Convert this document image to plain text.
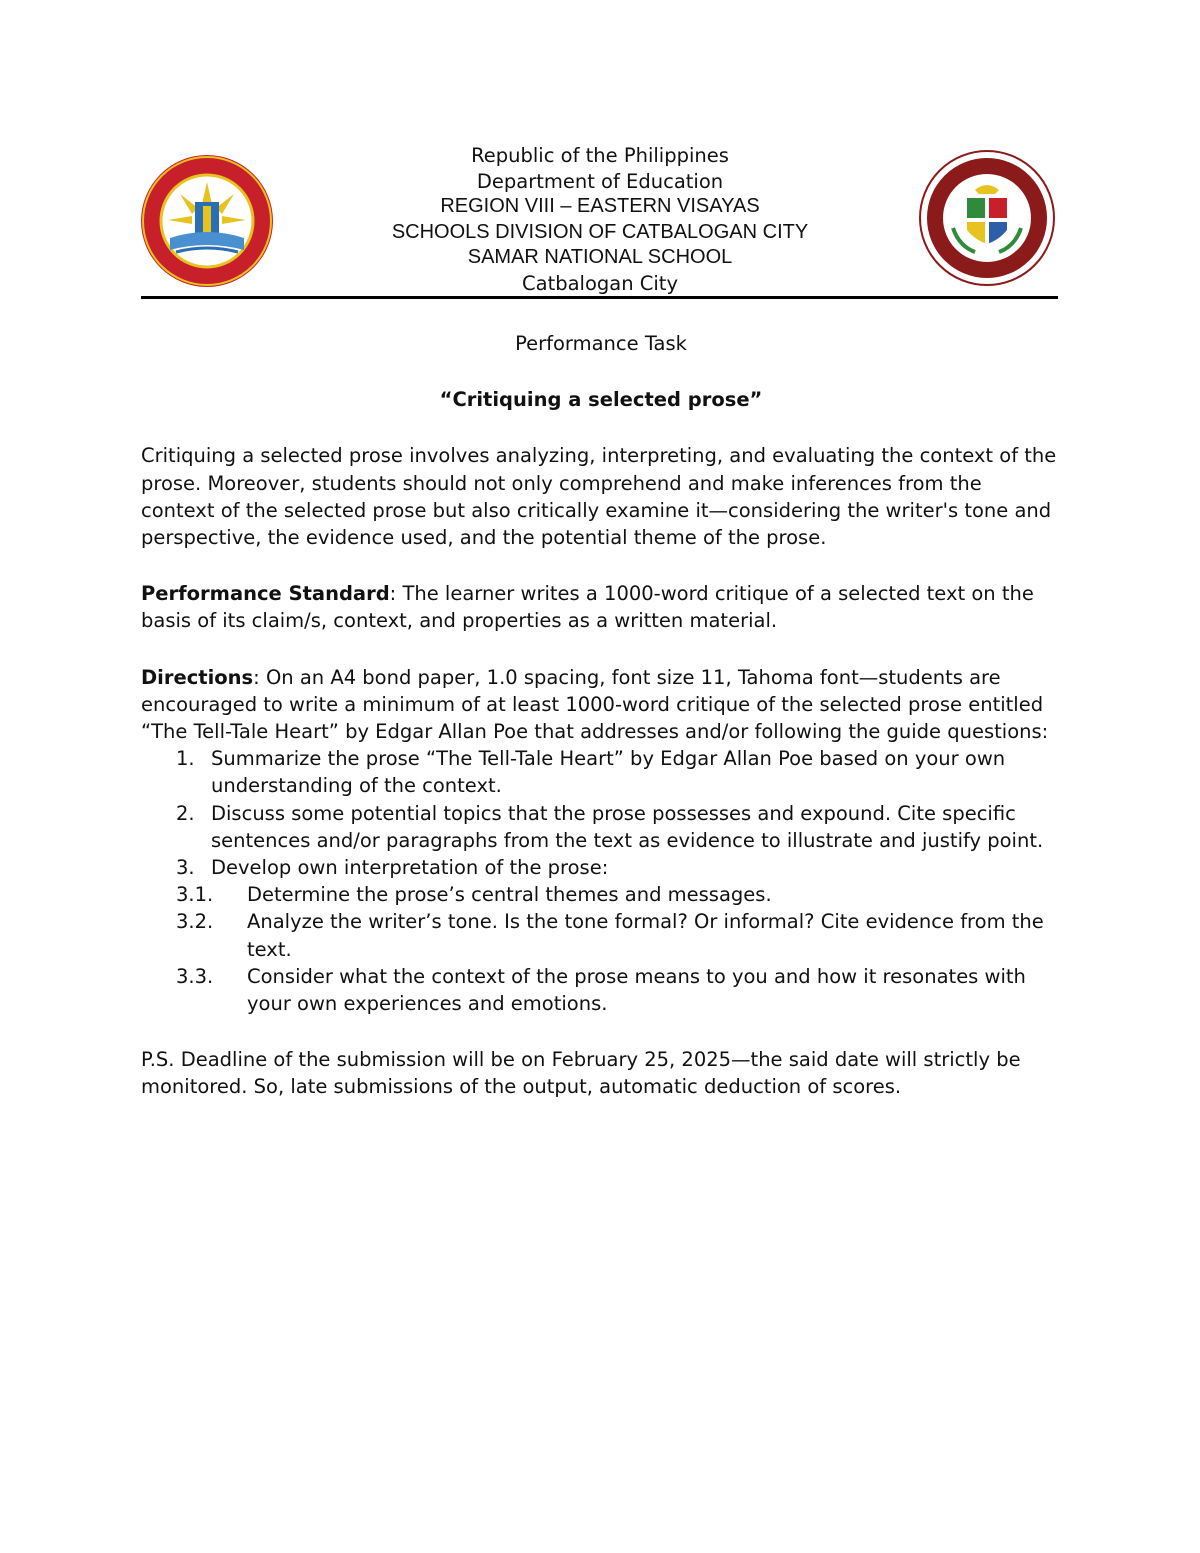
Republic of the Philippines
Department of Education
REGION VIII – EASTERN VISAYAS
SCHOOLS DIVISION OF CATBALOGAN CITY
SAMAR NATIONAL SCHOOL
Catbalogan City

Performance Task

“Critiquing a selected prose”

Critiquing a selected prose involves analyzing, interpreting, and evaluating the context of the prose. Moreover, students should not only comprehend and make inferences from the context of the selected prose but also critically examine it—considering the writer's tone and perspective, the evidence used, and the potential theme of the prose.

Performance Standard: The learner writes a 1000-word critique of a selected text on the basis of its claim/s, context, and properties as a written material.

Directions: On an A4 bond paper, 1.0 spacing, font size 11, Tahoma font—students are encouraged to write a minimum of at least 1000-word critique of the selected prose entitled “The Tell-Tale Heart” by Edgar Allan Poe that addresses and/or following the guide questions:

1. Summarize the prose “The Tell-Tale Heart” by Edgar Allan Poe based on your own understanding of the context.
2. Discuss some potential topics that the prose possesses and expound. Cite specific sentences and/or paragraphs from the text as evidence to illustrate and justify point.
3. Develop own interpretation of the prose:
3.1. Determine the prose’s central themes and messages.
3.2. Analyze the writer’s tone. Is the tone formal? Or informal? Cite evidence from the text.
3.3. Consider what the context of the prose means to you and how it resonates with your own experiences and emotions.

P.S. Deadline of the submission will be on February 25, 2025—the said date will strictly be monitored. So, late submissions of the output, automatic deduction of scores.
